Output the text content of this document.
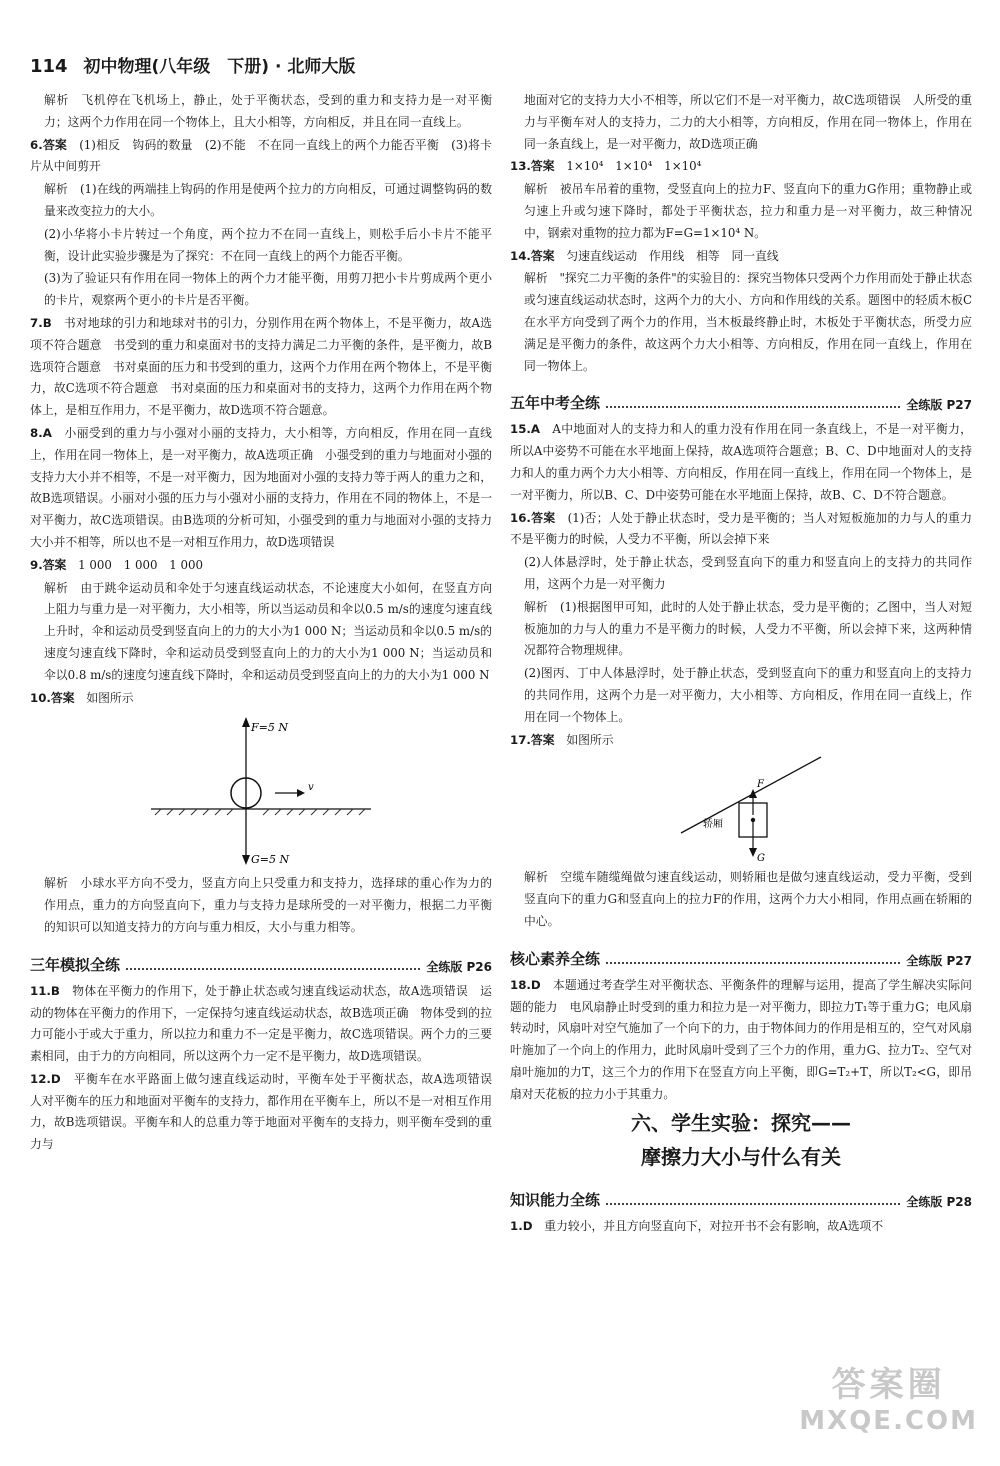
114 初中物理(八年级　下册) · 北师大版

解析　飞机停在飞机场上，静止，处于平衡状态，受到的重力和支持力是一对平衡力；这两个力作用在同一个物体上，且大小相等，方向相反，并且在同一直线上。

6.答案　 (1)相反　钩码的数量　(2)不能　不在同一直线上的两个力能否平衡　(3)将卡片从中间剪开

解析　(1)在线的两端挂上钩码的作用是使两个拉力的方向相反，可通过调整钩码的数量来改变拉力的大小。

(2)小华将小卡片转过一个角度，两个拉力不在同一直线上，则松手后小卡片不能平衡，设计此实验步骤是为了探究：不在同一直线上的两个力能否平衡。

(3)为了验证只有作用在同一物体上的两个力才能平衡，用剪刀把小卡片剪成两个更小的卡片，观察两个更小的卡片是否平衡。

7.B　 书对地球的引力和地球对书的引力，分别作用在两个物体上，不是平衡力，故A选项不符合题意　书受到的重力和桌面对书的支持力满足二力平衡的条件，是平衡力，故B选项符合题意　书对桌面的压力和书受到的重力，这两个力作用在两个物体上，不是平衡力，故C选项不符合题意　书对桌面的压力和桌面对书的支持力，这两个力作用在两个物体上，是相互作用力，不是平衡力，故D选项不符合题意。

8.A　 小丽受到的重力与小强对小丽的支持力，大小相等，方向相反，作用在同一直线上，作用在同一物体上，是一对平衡力，故A选项正确　小强受到的重力与地面对小强的支持力大小并不相等，不是一对平衡力，因为地面对小强的支持力等于两人的重力之和，故B选项错误。小丽对小强的压力与小强对小丽的支持力，作用在不同的物体上，不是一对平衡力，故C选项错误。由B选项的分析可知，小强受到的重力与地面对小强的支持力大小并不相等，所以也不是一对相互作用力，故D选项错误

9.答案　 1 000　1 000　1 000

解析　由于跳伞运动员和伞处于匀速直线运动状态，不论速度大小如何，在竖直方向上阻力与重力是一对平衡力，大小相等，所以当运动员和伞以0.5 m/s的速度匀速直线上升时，伞和运动员受到竖直向上的力的大小为1 000 N；当运动员和伞以0.5 m/s的速度匀速直线下降时，伞和运动员受到竖直向上的力的大小为1 000 N；当运动员和伞以0.8 m/s的速度匀速直线下降时，伞和运动员受到竖直向上的力的大小为1 000 N

10.答案　 如图所示

F=5 N
G=5 N
v

解析　小球水平方向不受力，竖直方向上只受重力和支持力，选择球的重心作为力的作用点，重力的方向竖直向下，重力与支持力是球所受的一对平衡力，根据二力平衡的知识可以知道支持力的方向与重力相反，大小与重力相等。

三年模拟全练	全练版 P26

11.B　 物体在平衡力的作用下，处于静止状态或匀速直线运动状态，故A选项错误　运动的物体在平衡力的作用下，一定保持匀速直线运动状态，故B选项正确　物体受到的拉力可能小于或大于重力，所以拉力和重力不一定是平衡力，故C选项错误。两个力的三要素相同，由于力的方向相同，所以这两个力一定不是平衡力，故D选项错误。

12.D　 平衡车在水平路面上做匀速直线运动时，平衡车处于平衡状态，故A选项错误　人对平衡车的压力和地面对平衡车的支持力，都作用在平衡车上，所以不是一对相互作用力，故B选项错误。平衡车和人的总重力等于地面对平衡车的支持力，则平衡车受到的重力与

地面对它的支持力大小不相等，所以它们不是一对平衡力，故C选项错误　人所受的重力与平衡车对人的支持力，二力的大小相等，方向相反，作用在同一物体上，作用在同一条直线上，是一对平衡力，故D选项正确

13.答案　 1×10⁴　1×10⁴　1×10⁴

解析　被吊车吊着的重物，受竖直向上的拉力F、竖直向下的重力G作用；重物静止或匀速上升或匀速下降时，都处于平衡状态，拉力和重力是一对平衡力，故三种情况中，钢索对重物的拉力都为F=G=1×10⁴ N。

14.答案　 匀速直线运动　作用线　相等　同一直线

解析　"探究二力平衡的条件"的实验目的：探究当物体只受两个力作用而处于静止状态或匀速直线运动状态时，这两个力的大小、方向和作用线的关系。题图中的轻质木板C在水平方向受到了两个力的作用，当木板最终静止时，木板处于平衡状态，所受力应满足是平衡力的条件，故这两个力大小相等、方向相反，作用在同一直线上，作用在同一物体上。

五年中考全练	全练版 P27

15.A　 A中地面对人的支持力和人的重力没有作用在同一条直线上，不是一对平衡力，所以A中姿势不可能在水平地面上保持，故A选项符合题意；B、C、D中地面对人的支持力和人的重力两个力大小相等、方向相反，作用在同一直线上，作用在同一个物体上，是一对平衡力，所以B、C、D中姿势可能在水平地面上保持，故B、C、D不符合题意。

16.答案　 (1)否；人处于静止状态时，受力是平衡的；当人对短板施加的力与人的重力不是平衡力的时候，人受力不平衡，所以会掉下来

(2)人体悬浮时，处于静止状态，受到竖直向下的重力和竖直向上的支持力的共同作用，这两个力是一对平衡力

解析　(1)根据图甲可知，此时的人处于静止状态，受力是平衡的；乙图中，当人对短板施加的力与人的重力不是平衡力的时候，人受力不平衡，所以会掉下来，这两种情况都符合物理规律。

(2)图丙、丁中人体悬浮时，处于静止状态，受到竖直向下的重力和竖直向上的支持力的共同作用，这两个力是一对平衡力，大小相等、方向相反，作用在同一直线上，作用在同一个物体上。

17.答案　 如图所示

F
G
轿厢

解析　空缆车随缆绳做匀速直线运动，则轿厢也是做匀速直线运动，受力平衡，受到竖直向下的重力G和竖直向上的拉力F的作用，这两个力大小相同，作用点画在轿厢的中心。

核心素养全练	全练版 P27

18.D　 本题通过考查学生对平衡状态、平衡条件的理解与运用，提高了学生解决实际问题的能力　电风扇静止时受到的重力和拉力是一对平衡力，即拉力T₁等于重力G；电风扇转动时，风扇叶对空气施加了一个向下的力，由于物体间力的作用是相互的，空气对风扇叶施加了一个向上的作用力，此时风扇叶受到了三个力的作用，重力G、拉力T₂、空气对扇叶施加的力T，这三个力的作用下在竖直方向上平衡，即G=T₂+T，所以T₂<G，即吊扇对天花板的拉力小于其重力。

六、学生实验：探究——
摩擦力大小与什么有关
知识能力全练	全练版 P28

1.D　 重力较小，并且方向竖直向下，对拉开书不会有影响，故A选项不

答案圈
MXQE.COM
